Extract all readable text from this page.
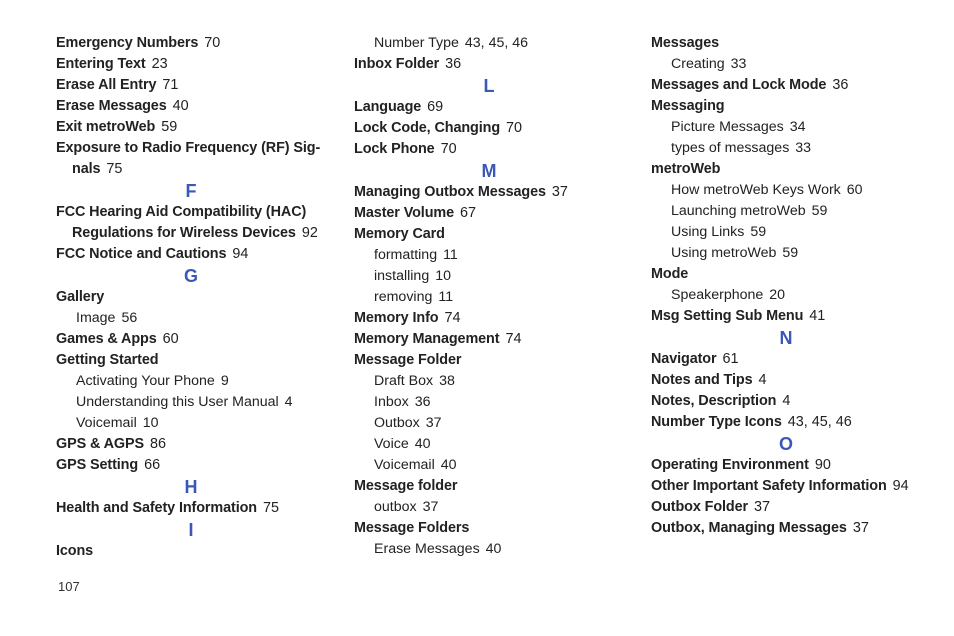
Emergency Numbers 70
Entering Text 23
Erase All Entry 71
Erase Messages 40
Exit metroWeb 59
Exposure to Radio Frequency (RF) Sig-
nals 75
F
FCC Hearing Aid Compatibility (HAC)
Regulations for Wireless Devices 92
FCC Notice and Cautions 94
G
Gallery
Image 56
Games & Apps 60
Getting Started
Activating Your Phone 9
Understanding this User Manual 4
Voicemail 10
GPS & AGPS 86
GPS Setting 66
H
Health and Safety Information 75
I
Icons
Number Type 43, 45, 46
Inbox Folder 36
L
Language 69
Lock Code, Changing 70
Lock Phone 70
M
Managing Outbox Messages 37
Master Volume 67
Memory Card
formatting 11
installing 10
removing 11
Memory Info 74
Memory Management 74
Message Folder
Draft Box 38
Inbox 36
Outbox 37
Voice 40
Voicemail 40
Message folder
outbox 37
Message Folders
Erase Messages 40
Messages
Creating 33
Messages and Lock Mode 36
Messaging
Picture Messages 34
types of messages 33
metroWeb
How metroWeb Keys Work 60
Launching metroWeb 59
Using Links 59
Using metroWeb 59
Mode
Speakerphone 20
Msg Setting Sub Menu 41
N
Navigator 61
Notes and Tips 4
Notes, Description 4
Number Type Icons 43, 45, 46
O
Operating Environment 90
Other Important Safety Information 94
Outbox Folder 37
Outbox, Managing Messages 37
107
